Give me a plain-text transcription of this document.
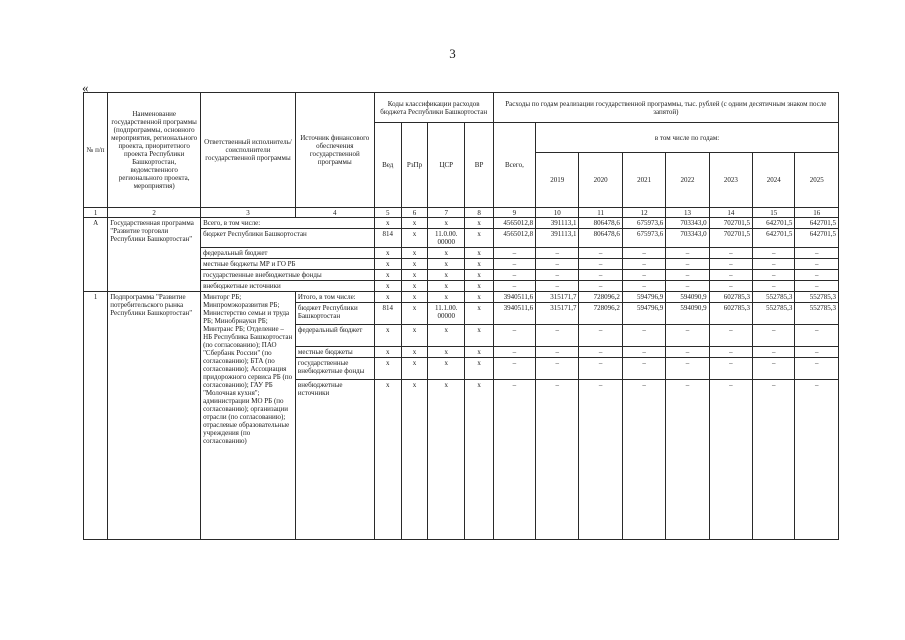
3
«
№ п/п	Наименование государственной программы (подпрограммы, основного мероприятия, регионального проекта, приоритетного проекта Республики Башкортостан, ведомственного регионального проекта, мероприятия)	Ответственный исполнитель/ соисполнители государственной программы	Источник финансового обеспечения государственной программы	Коды классификации расходов бюджета Республики Башкортостан				Расходы по годам реализации государственной программы, тыс. рублей (с одним десятичным знаком после запятой)							
				Вед	РзПр	ЦСР	ВР	Всего,	в том числе по годам:						
									2019	2020	2021	2022	2023	2024	2025
1	2	3	4	5	6	7	8	9	10	11	12	13	14	15	16
А	Государственная программа "Развитие торговли Республики Башкортостан"	Всего, в том числе:		х	х	х	х	4565012,8	391113,1	806478,6	675973,6	703343,0	702701,5	642701,5	642701,5
		бюджет Республики Башкортостан		814	х	11.0.00. 00000	х	4565012,8	391113,1	806478,6	675973,6	703343,0	702701,5	642701,5	642701,5
		федеральный бюджет		х	х	х	х	–	–	–	–	–	–	–	–
		местные бюджеты МР и ГО РБ		х	х	х	х	–	–	–	–	–	–	–	–
		государственные внебюджетные фонды		х	х	х	х	–	–	–	–	–	–	–	–
		внебюджетные источники		х	х	х	х	–	–	–	–	–	–	–	–
1	Подпрограмма "Развитие потребительского рынка Республики Башкортостан"	Минторг РБ; Минпромэкоразвития РБ; Министерство семьи и труда РБ; Минобрнауки РБ; Минтранс РБ; Отделение – НБ Республика Башкортостан (по согласованию); ПАО "Сбербанк России" (по согласованию); БТА (по согласованию); Ассоциация придорожного сервиса РБ (по согласованию); ГАУ РБ "Молочная кухня"; администрации МО РБ (по согласованию); организации отрасли (по согласованию); отраслевые образовательные учреждения (по согласованию)	Итого, в том числе:	х	х	х	х	3940511,6	315171,7	728096,2	594796,9	594090,9	602785,3	552785,3	552785,3
			бюджет Республики Башкортостан	814	х	11.1.00. 00000	х	3940511,6	315171,7	728096,2	594796,9	594090,9	602785,3	552785,3	552785,3
			федеральный бюджет	х	х	х	х	–	–	–	–	–	–	–	–
			местные бюджеты	х	х	х	х	–	–	–	–	–	–	–	–
			государственные внебюджетные фонды	х	х	х	х	–	–	–	–	–	–	–	–
			внебюджетные источники	х	х	х	х	–	–	–	–	–	–	–	–
